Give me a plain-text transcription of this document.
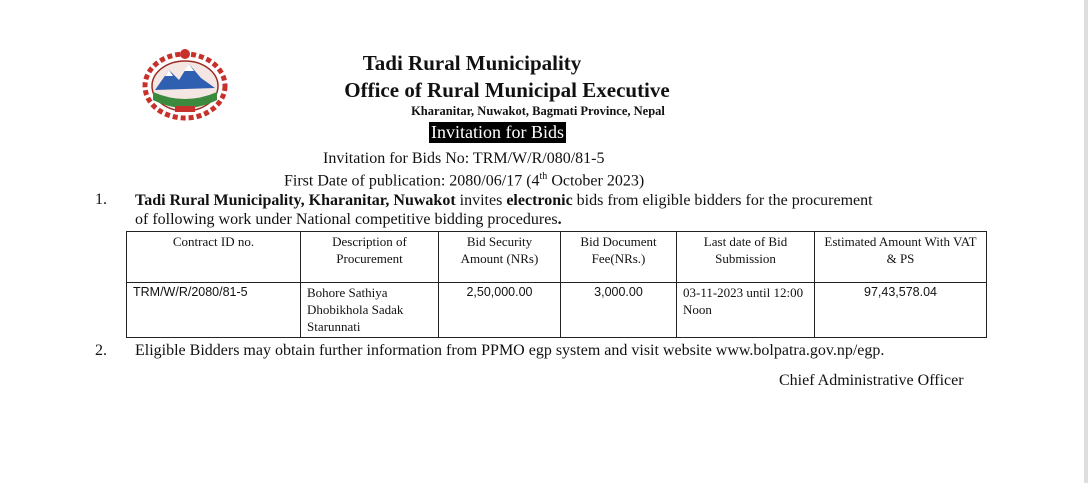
Tadi Rural Municipality

Office of Rural Municipal Executive

Kharanitar, Nuwakot, Bagmati Province, Nepal

Invitation for Bids
Invitation for Bids No: TRM/W/R/080/81-5
First Date of publication: 2080/06/17 (4th October 2023)
1. Tadi Rural Municipality, Kharanitar, Nuwakot invites electronic bids from eligible bidders for the procurement
of following work under National competitive bidding procedures.
Contract ID no.	Description of Procurement	Bid Security Amount (NRs)	Bid Document Fee(NRs.)	Last date of Bid Submission	Estimated Amount With VAT & PS
TRM/W/R/2080/81-5	Bohore Sathiya Dhobikhola Sadak Starunnati	2,50,000.00	3,000.00	03-11-2023 until 12:00 Noon	97,43,578.04
2. Eligible Bidders may obtain further information from PPMO egp system and visit website www.bolpatra.gov.np/egp.
Chief Administrative Officer
